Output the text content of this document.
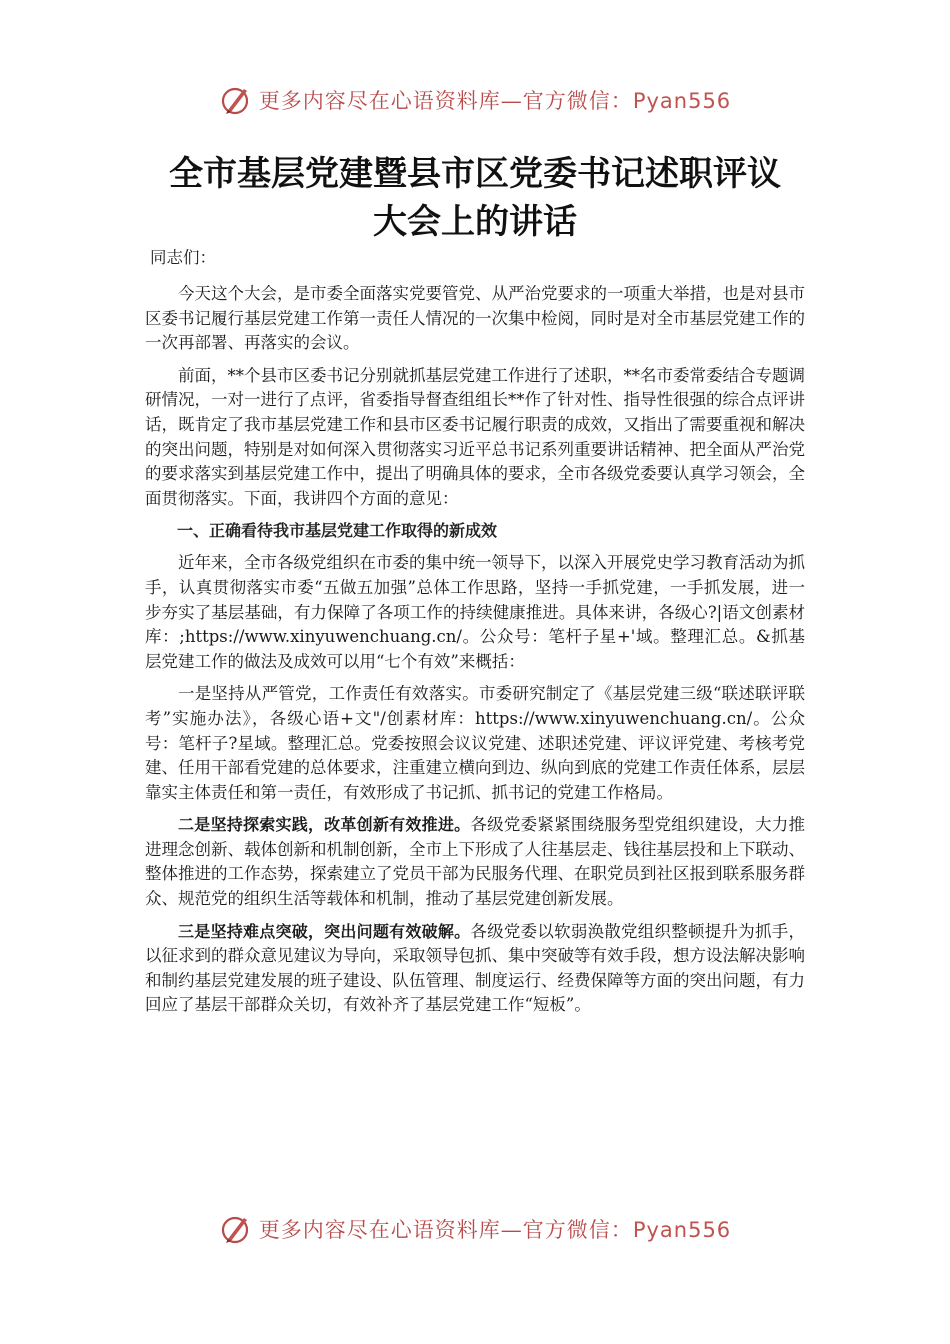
更多内容尽在心语资料库—官方微信：Pyan556
全市基层党建暨县市区党委书记述职评议
大会上的讲话
同志们：

今天这个大会，是市委全面落实党要管党、从严治党要求的一项重大举措，也是对县市区委书记履行基层党建工作第一责任人情况的一次集中检阅，同时是对全市基层党建工作的一次再部署、再落实的会议。

前面，**个县市区委书记分别就抓基层党建工作进行了述职，**名市委常委结合专题调研情况，一对一进行了点评，省委指导督查组组长**作了针对性、指导性很强的综合点评讲话，既肯定了我市基层党建工作和县市区委书记履行职责的成效，又指出了需要重视和解决的突出问题，特别是对如何深入贯彻落实习近平总书记系列重要讲话精神、把全面从严治党的要求落实到基层党建工作中，提出了明确具体的要求，全市各级党委要认真学习领会，全面贯彻落实。下面，我讲四个方面的意见：

一、正确看待我市基层党建工作取得的新成效

近年来，全市各级党组织在市委的集中统一领导下，以深入开展党史学习教育活动为抓手，认真贯彻落实市委“五做五加强”总体工作思路，坚持一手抓党建，一手抓发展，进一步夯实了基层基础，有力保障了各项工作的持续健康推进。具体来讲，各级心?|语文创素材库：;https://www.xinyuwenchuang.cn/。公众号：笔杆子星+'域。整理汇总。&抓基层党建工作的做法及成效可以用“七个有效”来概括：

一是坚持从严管党，工作责任有效落实。市委研究制定了《基层党建三级“联述联评联考”实施办法》，各级心语+文"/创素材库：https://www.xinyuwenchuang.cn/。公众号：笔杆子?星域。整理汇总。党委按照会议议党建、述职述党建、评议评党建、考核考党建、任用干部看党建的总体要求，注重建立横向到边、纵向到底的党建工作责任体系，层层靠实主体责任和第一责任，有效形成了书记抓、抓书记的党建工作格局。

二是坚持探索实践，改革创新有效推进。各级党委紧紧围绕服务型党组织建设，大力推进理念创新、载体创新和机制创新，全市上下形成了人往基层走、钱往基层投和上下联动、整体推进的工作态势，探索建立了党员干部为民服务代理、在职党员到社区报到联系服务群众、规范党的组织生活等载体和机制，推动了基层党建创新发展。

三是坚持难点突破，突出问题有效破解。各级党委以软弱涣散党组织整顿提升为抓手，以征求到的群众意见建议为导向，采取领导包抓、集中突破等有效手段，想方设法解决影响和制约基层党建发展的班子建设、队伍管理、制度运行、经费保障等方面的突出问题，有力回应了基层干部群众关切，有效补齐了基层党建工作“短板”。

更多内容尽在心语资料库—官方微信：Pyan556
